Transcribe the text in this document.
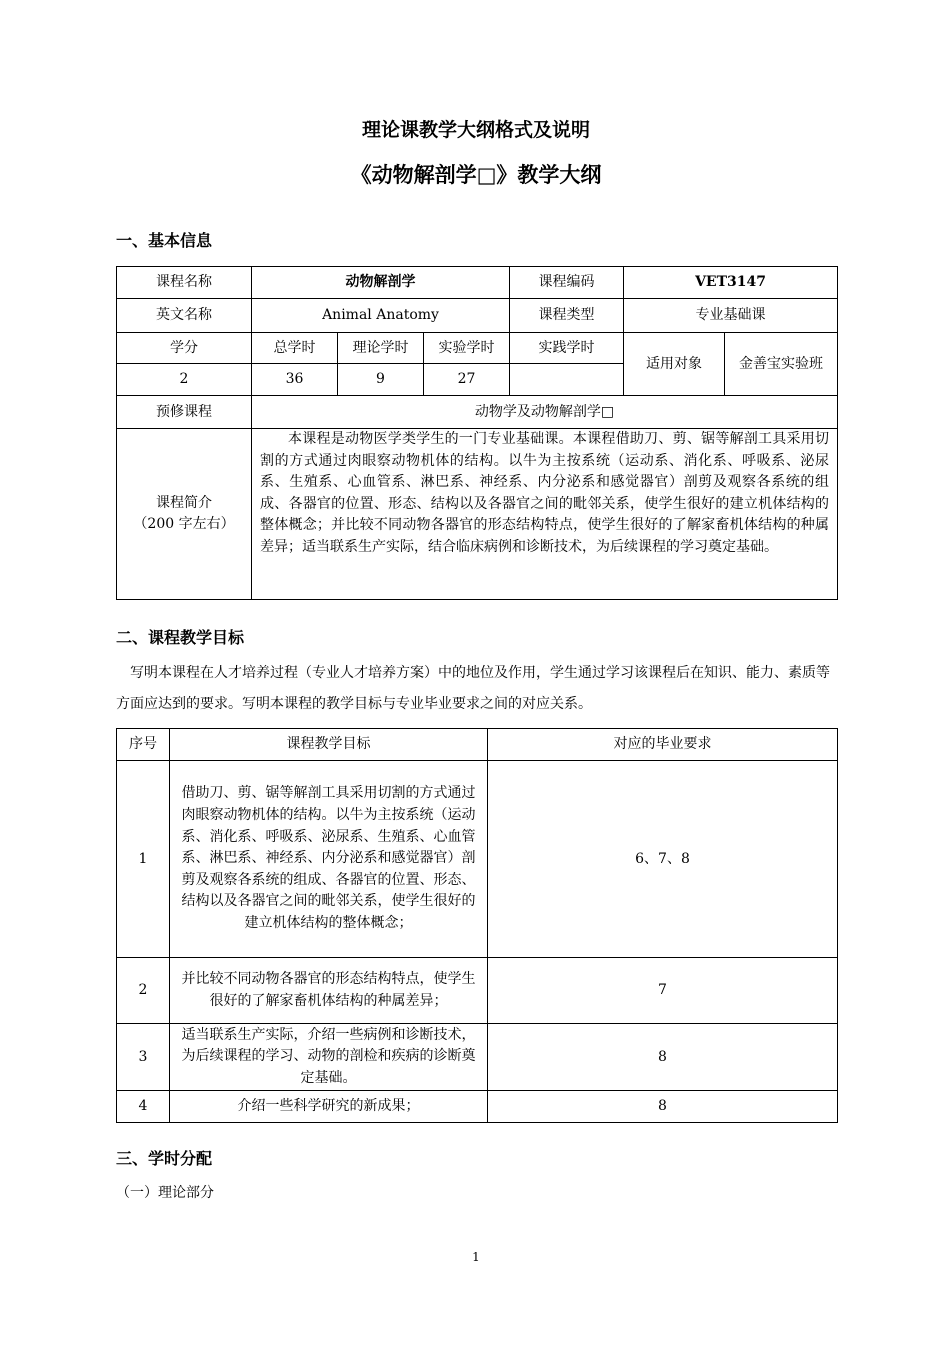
理论课教学大纲格式及说明
《动物解剖学□》教学大纲
一、基本信息
课程名称	动物解剖学			课程编码	VET3147	
英文名称	Animal Anatomy			课程类型	专业基础课	
学分	总学时	理论学时	实验学时	实践学时	适用对象	金善宝实验班
2	36	9	27			
预修课程	动物学及动物解剖学□					

课程简介
（200 字左右）	本课程是动物医学类学生的一门专业基础课。本课程借助刀、剪、锯等解剖工具采用切割的方式通过肉眼察动物机体的结构。以牛为主按系统（运动系、消化系、呼吸系、泌尿系、生殖系、心血管系、淋巴系、神经系、内分泌系和感觉器官）剖剪及观察各系统的组成、各器官的位置、形态、结构以及各器官之间的毗邻关系，使学生很好的建立机体结构的整体概念；并比较不同动物各器官的形态结构特点，使学生很好的了解家畜机体结构的种属差异；适当联系生产实际，结合临床病例和诊断技术，为后续课程的学习奠定基础。					
二、课程教学目标
写明本课程在人才培养过程（专业人才培养方案）中的地位及作用，学生通过学习该课程后在知识、能力、素质等方面应达到的要求。写明本课程的教学目标与专业毕业要求之间的对应关系。
序号	课程教学目标	对应的毕业要求
1	借助刀、剪、锯等解剖工具采用切割的方式通过肉眼察动物机体的结构。以牛为主按系统（运动系、消化系、呼吸系、泌尿系、生殖系、心血管系、淋巴系、神经系、内分泌系和感觉器官）剖剪及观察各系统的组成、各器官的位置、形态、结构以及各器官之间的毗邻关系，使学生很好的建立机体结构的整体概念；	6、7、8
2	并比较不同动物各器官的形态结构特点，使学生很好的了解家畜机体结构的种属差异；	7
3	适当联系生产实际，介绍一些病例和诊断技术，为后续课程的学习、动物的剖检和疾病的诊断奠定基础。	8
4	介绍一些科学研究的新成果；	8
三、学时分配
（一）理论部分
1
